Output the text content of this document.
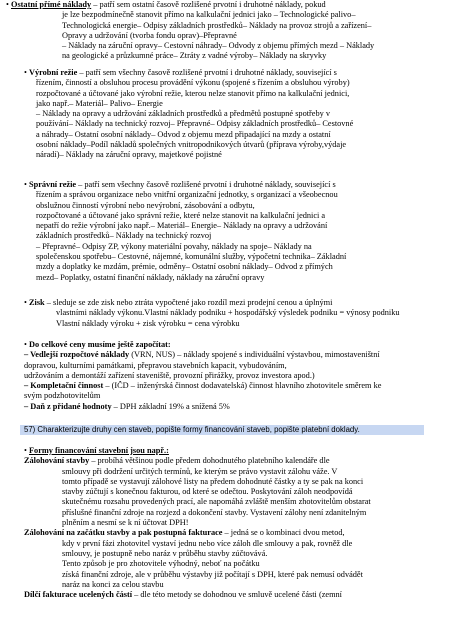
• Ostatní přímé náklady – patří sem ostatní časově rozlišené prvotní i druhotné náklady, pokud
je lze bezpodmínečně stanovit přímo na kalkulační jednici jako – Technologické palivo–
Technologická energie– Odpisy základních prostředků– Náklady na provoz strojů a zařízení–
Opravy a udržování (tvorba fondu oprav)–Přepravné
– Náklady na záruční opravy– Cestovní náhrady– Odvody z objemu přímých mezd – Náklady
na geologické a průzkumné práce– Ztráty z vadné výroby– Náklady na skryvky
• Výrobní režie – patří sem všechny časově rozlišené prvotní i druhotné náklady, související s
řízením, činností a obsluhou procesu provádění výkonu (spojené s řízením a obsluhou výroby)
rozpočtované a účtované jako výrobní režie, kterou nelze stanovit přímo na kalkulační jednici,
jako např.– Materiál– Palivo– Energie
– Náklady na opravy a udržování základních prostředků a předmětů postupné spotřeby v
používání– Náklady na technický rozvoj– Přepravné– Odpisy základních prostředků– Cestovné
a náhrady– Ostatní osobní náklady– Odvod z objemu mezd připadající na mzdy a ostatní
osobní náklady–Podíl nákladů společných vnitropodnikových útvarů (příprava výroby,výdaje
náradí)– Náklady na záruční opravy, majetkové pojistné
• Správní režie – patří sem všechny časově rozlišené prvotní i druhotné náklady, související s
řízením a správou organizace nebo vnitřní organizační jednotky, s organizací a všeobecnou
obslužnou činností výrobní nebo nevýrobní, zásobování a odbytu,
rozpočtované a účtované jako správní režie, které nelze stanovit na kalkulační jednici a
nepatří do režie výrobní jako např.– Materiál– Energie– Náklady na opravy a udržování
základních prostředků– Náklady na technický rozvoj
– Přepravné– Odpisy ZP, výkony materiální povahy, náklady na spoje– Náklady na
společenskou spotřebu– Cestovné, nájemné, komunální služby, výpočetní technika– Základní
mzdy a doplatky ke mzdám, prémie, odměny– Ostatní osobní náklady– Odvod z přímých
mezd– Poplatky, ostatní finanční náklady, náklady na záruční opravy
• Zisk – sleduje se zde zisk nebo ztráta vypočtené jako rozdíl mezi prodejní cenou a úplnými
vlastními náklady výkonu.Vlastní náklady podniku + hospodářský výsledek podniku = výnosy podniku
Vlastní náklady výroku + zisk výrobku = cena výrobku
• Do celkové ceny musíme ještě započítat:
– Vedlejší rozpočtové náklady (VRN, NUS) – náklady spojené s individuální výstavbou, mimostaveništní
dopravou, kulturními památkami, přepravou stavebních kapacit, vybudováním,
udržováním a demontáží zařízení staveniště, provozní přirážky, provoz investora apod.)
– Kompletační činnost – (IČD – inženýrská činnost dodavatelská) činnost hlavního zhotovitele směrem ke
svým podzhotovitelům
– Daň z přidané hodnoty – DPH základní 19% a snížená 5%
57) Charakterizujte druhy cen staveb, popište formy financování staveb, popište platební doklady.
• Formy financování stavební jsou např.:
Zálohování stavby – probíhá většinou podle předem dohodnutého platebního kalendáře dle
smlouvy při dodržení určitých termínů, ke kterým se právo vystavit zálohu váže. V
tomto případě se vystavují zálohové listy na předem dohodnuté částky a ty se pak na konci
stavby zúčtují s konečnou fakturou, od které se odečtou. Poskytování záloh neodpovídá
skutečnému rozsahu provedených prací, ale napomáhá zvláště menším zhotovitelům obstarat
příslušné finanční zdroje na rozjezd a dokončení stavby. Vystavení zálohy není zdanitelným
plněním a nesmí se k ní účtovat DPH!
Zálohování na začátku stavby a pak postupná fakturace – jedná se o kombinaci dvou metod,
kdy v první fázi zhotovitel vystaví jednu nebo více záloh dle smlouvy a pak, rovněž dle
smlouvy, je postupně nebo naráz v průběhu stavby zúčtovává.
Tento způsob je pro zhotovitele výhodný, neboť na počátku
získá finanční zdroje, ale v průběhu výstavby již počítají s DPH, které pak nemusí odvádět
naráz na konci za celou stavbu
Dílčí fakturace ucelených částí – dle této metody se dohodnou ve smluvě ucelené části (zemní
